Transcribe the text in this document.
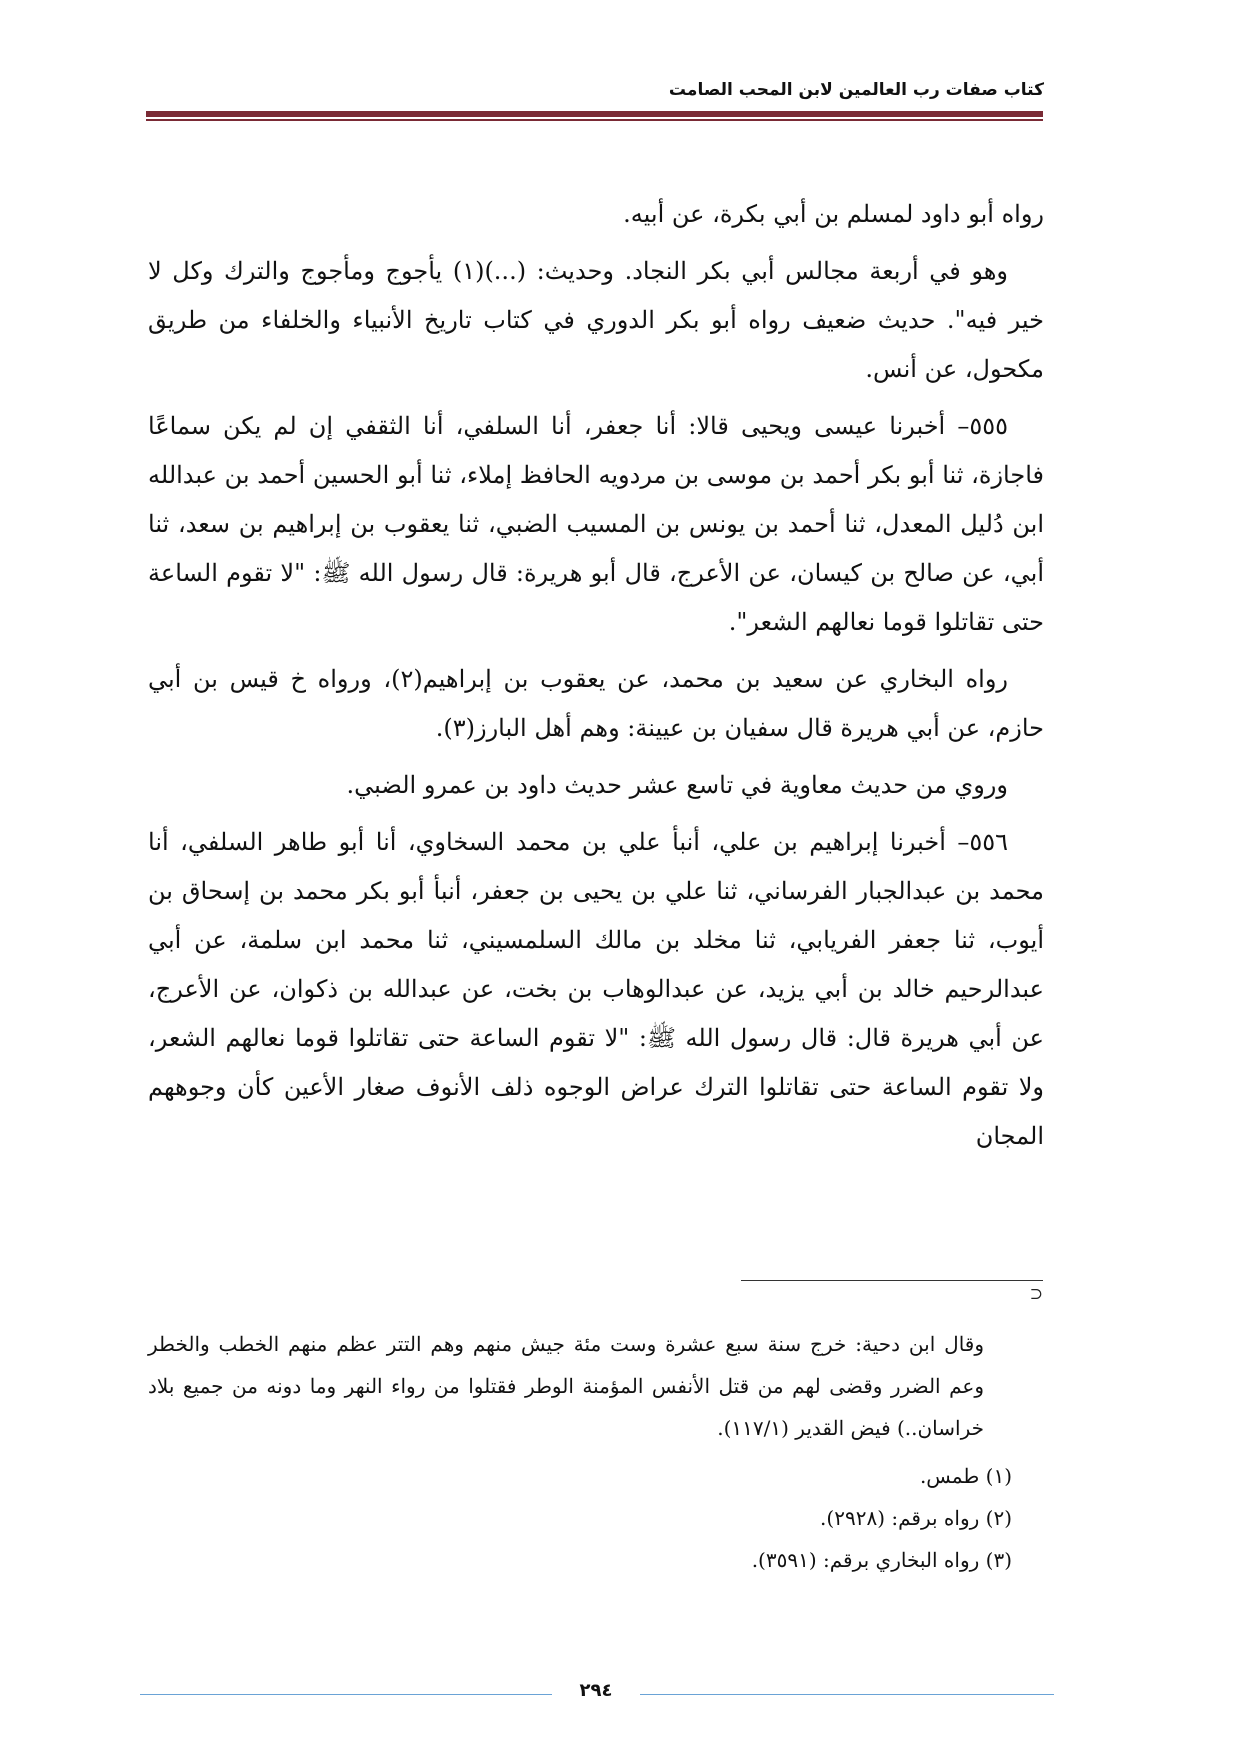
كتاب صفات رب العالمين لابن المحب الصامت

رواه أبو داود لمسلم بن أبي بكرة، عن أبيه.

وهو في أربعة مجالس أبي بكر النجاد. وحديث: (...)(١) يأجوج ومأجوج والترك وكل لا خير فيه". حديث ضعيف رواه أبو بكر الدوري في كتاب تاريخ الأنبياء والخلفاء من طريق مكحول، عن أنس.

٥٥٥– أخبرنا عيسى ويحيى قالا: أنا جعفر، أنا السلفي، أنا الثقفي إن لم يكن سماعًا فاجازة، ثنا أبو بكر أحمد بن موسى بن مردويه الحافظ إملاء، ثنا أبو الحسين أحمد بن عبدالله ابن دُليل المعدل، ثنا أحمد بن يونس بن المسيب الضبي، ثنا يعقوب بن إبراهيم بن سعد، ثنا أبي، عن صالح بن كيسان، عن الأعرج، قال أبو هريرة: قال رسول الله ﷺ: "لا تقوم الساعة حتى تقاتلوا قوما نعالهم الشعر".

رواه البخاري عن سعيد بن محمد، عن يعقوب بن إبراهيم(٢)، ورواه خ قيس بن أبي حازم، عن أبي هريرة قال سفيان بن عيينة: وهم أهل البارز(٣).

وروي من حديث معاوية في تاسع عشر حديث داود بن عمرو الضبي.

٥٥٦– أخبرنا إبراهيم بن علي، أنبأ علي بن محمد السخاوي، أنا أبو طاهر السلفي، أنا محمد بن عبدالجبار الفرساني، ثنا علي بن يحيى بن جعفر، أنبأ أبو بكر محمد بن إسحاق بن أيوب، ثنا جعفر الفريابي، ثنا مخلد بن مالك السلمسيني، ثنا محمد ابن سلمة، عن أبي عبدالرحيم خالد بن أبي يزيد، عن عبدالوهاب بن بخت، عن عبدالله بن ذكوان، عن الأعرج، عن أبي هريرة قال: قال رسول الله ﷺ: "لا تقوم الساعة حتى تقاتلوا قوما نعالهم الشعر، ولا تقوم الساعة حتى تقاتلوا الترك عراض الوجوه ذلف الأنوف صغار الأعين كأن وجوههم المجان

⊃

وقال ابن دحية: خرج سنة سبع عشرة وست مئة جيش منهم وهم التتر عظم منهم الخطب والخطر وعم الضرر وقضى لهم من قتل الأنفس المؤمنة الوطر فقتلوا من رواء النهر وما دونه من جميع بلاد خراسان..) فيض القدير (١١٧/١).

(١) طمس.

(٢) رواه برقم: (٢٩٢٨).

(٣) رواه البخاري برقم: (٣٥٩١).

٢٩٤
